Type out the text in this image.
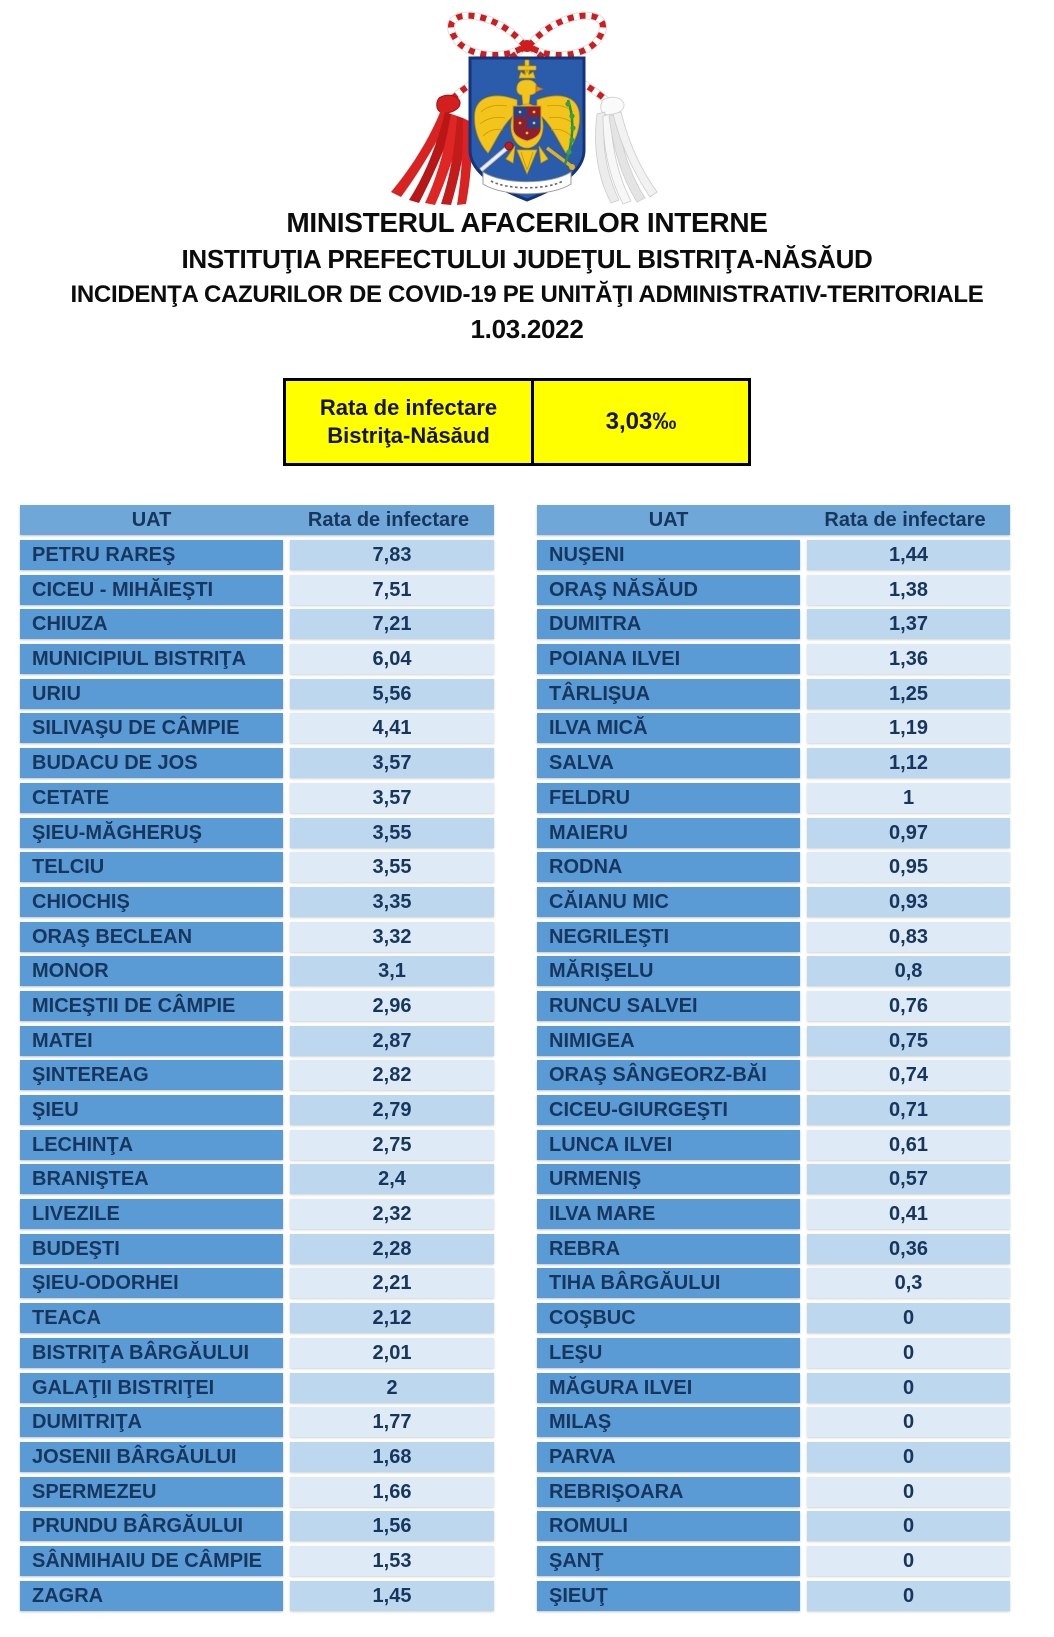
MINISTERUL AFACERILOR INTERNE
INSTITUŢIA PREFECTULUI JUDEŢUL BISTRIŢA-NĂSĂUD
INCIDENŢA CAZURILOR DE COVID-19 PE UNITĂŢI ADMINISTRATIV-TERITORIALE
1.03.2022
Rata de infectare
Bistriţa-Năsăud
3,03‰
UAT	Rata de infectare
PETRU RAREŞ	7,83
CICEU - MIHĂIEŞTI	7,51
CHIUZA	7,21
MUNICIPIUL BISTRIŢA	6,04
URIU	5,56
SILIVAŞU DE CÂMPIE	4,41
BUDACU DE JOS	3,57
CETATE	3,57
ŞIEU-MĂGHERUŞ	3,55
TELCIU	3,55
CHIOCHIŞ	3,35
ORAŞ BECLEAN	3,32
MONOR	3,1
MICEŞTII DE CÂMPIE	2,96
MATEI	2,87
ŞINTEREAG	2,82
ŞIEU	2,79
LECHINŢA	2,75
BRANIŞTEA	2,4
LIVEZILE	2,32
BUDEŞTI	2,28
ŞIEU-ODORHEI	2,21
TEACA	2,12
BISTRIŢA BÂRGĂULUI	2,01
GALAŢII BISTRIŢEI	2
DUMITRIŢA	1,77
JOSENII BÂRGĂULUI	1,68
SPERMEZEU	1,66
PRUNDU BÂRGĂULUI	1,56
SÂNMIHAIU DE CÂMPIE	1,53
ZAGRA	1,45
UAT	Rata de infectare
NUŞENI	1,44
ORAŞ NĂSĂUD	1,38
DUMITRA	1,37
POIANA ILVEI	1,36
TÂRLIŞUA	1,25
ILVA MICĂ	1,19
SALVA	1,12
FELDRU	1
MAIERU	0,97
RODNA	0,95
CĂIANU MIC	0,93
NEGRILEŞTI	0,83
MĂRIŞELU	0,8
RUNCU SALVEI	0,76
NIMIGEA	0,75
ORAŞ SÂNGEORZ-BĂI	0,74
CICEU-GIURGEŞTI	0,71
LUNCA ILVEI	0,61
URMENIŞ	0,57
ILVA MARE	0,41
REBRA	0,36
TIHA BÂRGĂULUI	0,3
COŞBUC	0
LEŞU	0
MĂGURA ILVEI	0
MILAŞ	0
PARVA	0
REBRIŞOARA	0
ROMULI	0
ŞANŢ	0
ŞIEUŢ	0
